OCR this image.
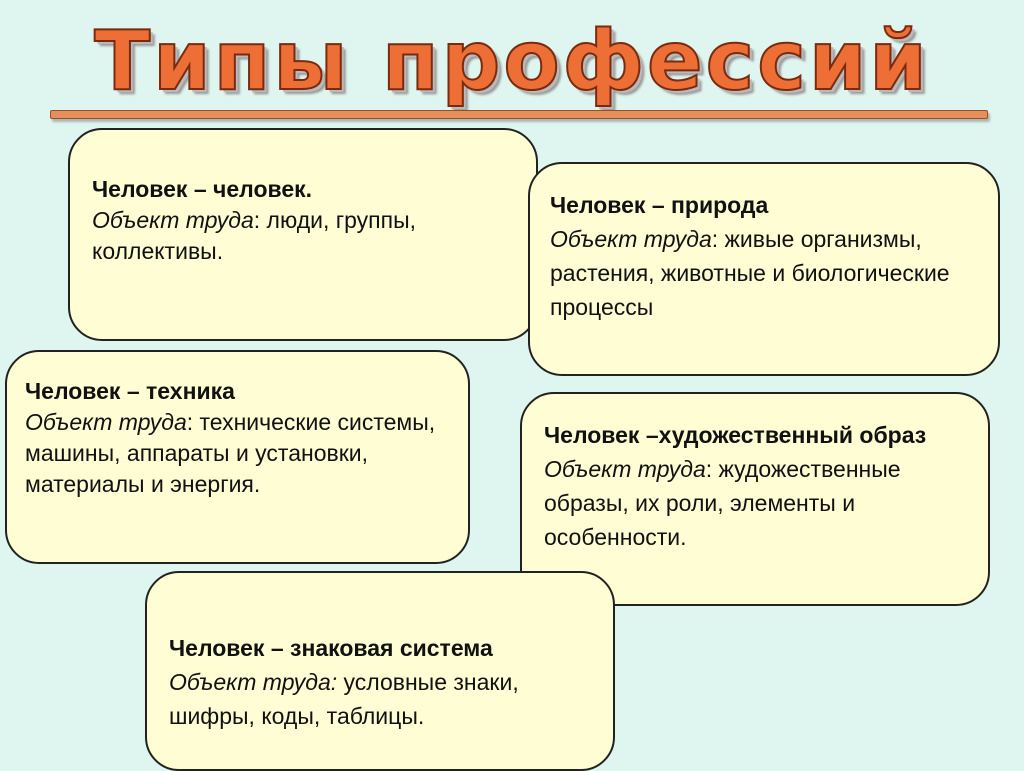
Типы профессий
Человек – человек.
Объект труда: люди, группы, коллективы.
Человек – природа
Объект труда: живые организмы, растения, животные и биологические процессы
Человек – техника
Объект труда: технические системы, машины, аппараты и установки, материалы и энергия.
Человек –художественный образ
Объект труда: жудожественные образы, их роли, элементы и особенности.
Человек – знаковая система
Объект труда: условные знаки, шифры, коды, таблицы.
